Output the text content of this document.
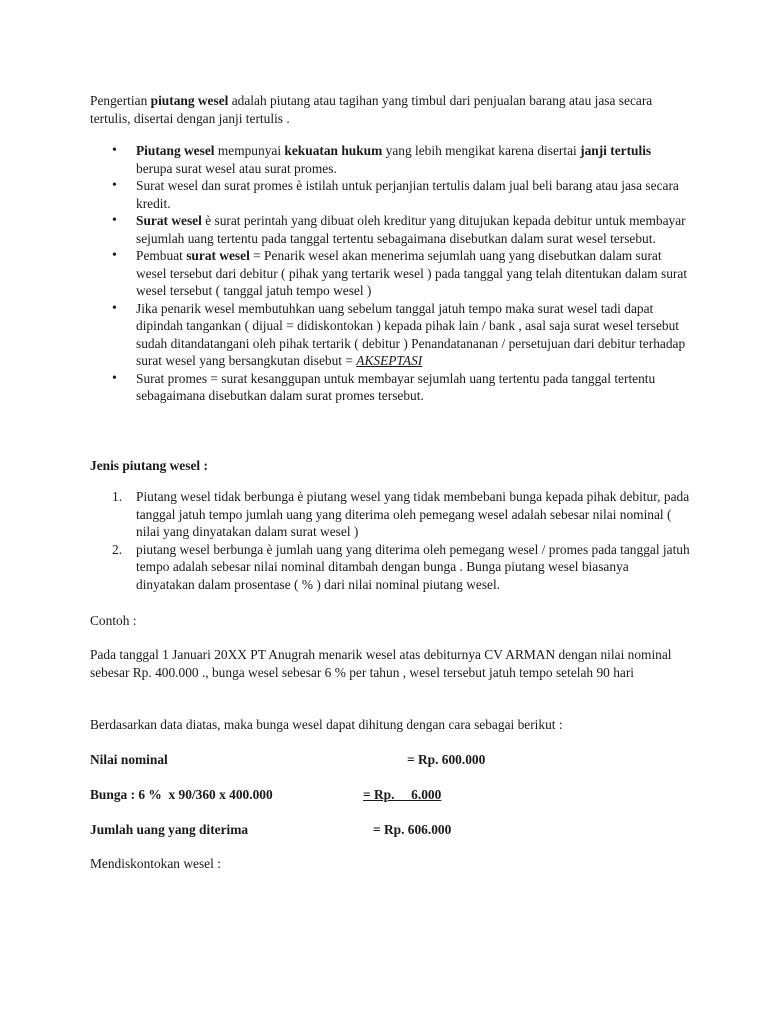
Pengertian piutang wesel adalah piutang atau tagihan yang timbul dari penjualan barang atau jasa secara tertulis, disertai dengan janji tertulis .

• Piutang wesel mempunyai kekuatan hukum yang lebih mengikat karena disertai janji tertulis berupa surat wesel atau surat promes.
• Surat wesel dan surat promes è istilah untuk perjanjian tertulis dalam jual beli barang atau jasa secara kredit.
• Surat wesel è surat perintah yang dibuat oleh kreditur yang ditujukan kepada debitur untuk membayar sejumlah uang tertentu pada tanggal tertentu sebagaimana disebutkan dalam surat wesel tersebut.
• Pembuat surat wesel = Penarik wesel akan menerima sejumlah uang yang disebutkan dalam surat wesel tersebut dari debitur ( pihak yang tertarik wesel ) pada tanggal yang telah ditentukan dalam surat wesel tersebut ( tanggal jatuh tempo wesel )
• Jika penarik wesel membutuhkan uang sebelum tanggal jatuh tempo maka surat wesel tadi dapat dipindah tangankan ( dijual = didiskontokan ) kepada pihak lain / bank , asal saja surat wesel tersebut sudah ditandatangani oleh pihak tertarik ( debitur ) Penandatananan / persetujuan dari debitur terhadap surat wesel yang bersangkutan disebut = AKSEPTASI
• Surat promes = surat kesanggupan untuk membayar sejumlah uang tertentu pada tanggal tertentu sebagaimana disebutkan dalam surat promes tersebut.

Jenis piutang wesel :

1. Piutang wesel tidak berbunga è piutang wesel yang tidak membebani bunga kepada pihak debitur, pada tanggal jatuh tempo jumlah uang yang diterima oleh pemegang wesel adalah sebesar nilai nominal ( nilai yang dinyatakan dalam surat wesel )
2. piutang wesel berbunga è jumlah uang yang diterima oleh pemegang wesel / promes pada tanggal jatuh tempo adalah sebesar nilai nominal ditambah dengan bunga . Bunga piutang wesel biasanya dinyatakan dalam prosentase ( % ) dari nilai nominal piutang wesel.

Contoh :

Pada tanggal 1 Januari 20XX PT Anugrah menarik wesel atas debiturnya CV ARMAN dengan nilai nominal sebesar Rp. 400.000 ., bunga wesel sebesar 6 % per tahun , wesel tersebut jatuh tempo setelah 90 hari

Berdasarkan data diatas, maka bunga wesel dapat dihitung dengan cara sebagai berikut :

Nilai nominal	= Rp. 600.000
Bunga : 6 %  x 90/360 x 400.000	= Rp.     6.000
Jumlah uang yang diterima	= Rp. 606.000

Mendiskontokan wesel :
